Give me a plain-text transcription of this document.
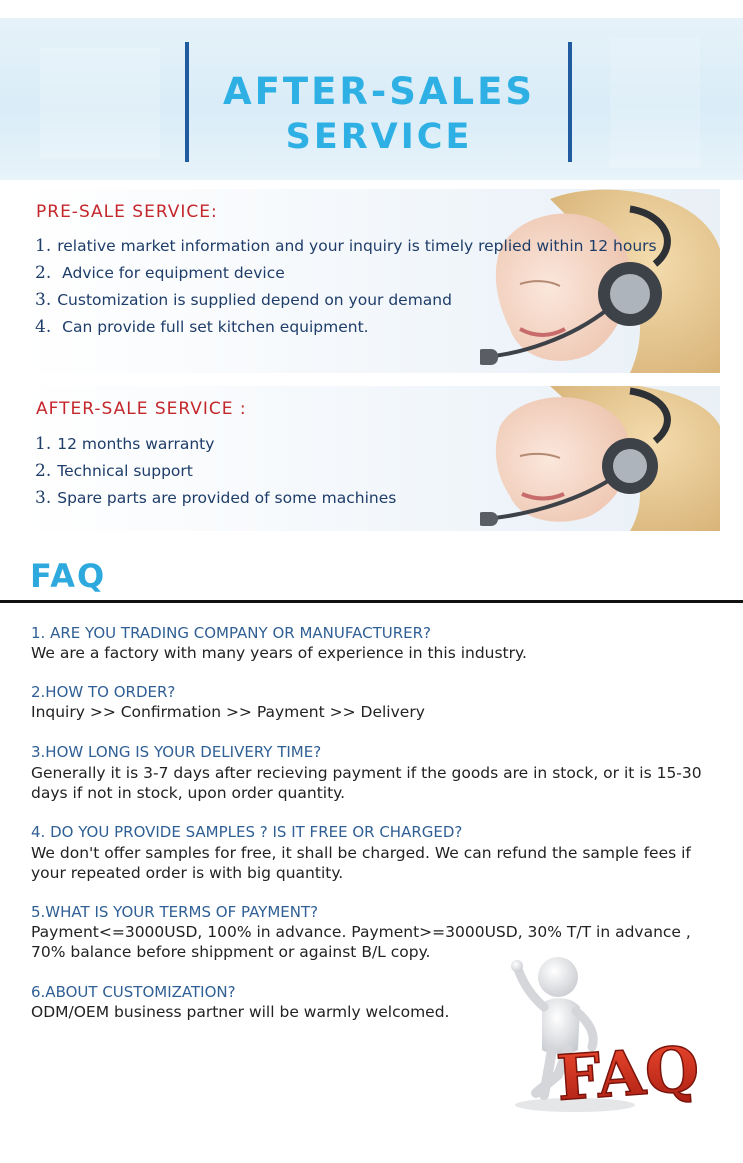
AFTER-SALES
SERVICE
PRE-SALE SERVICE:
1. relative market information and your inquiry is timely replied within 12 hours
2. Advice for equipment device
3. Customization is supplied depend on your demand
4. Can provide full set kitchen equipment.
AFTER-SALE SERVICE :
1. 12 months warranty
2. Technical support
3. Spare parts are provided of some machines
FAQ
1. ARE YOU TRADING COMPANY OR MANUFACTURER?
We are a factory with many years of experience in this industry.
2.HOW TO ORDER?
Inquiry >> Confirmation >> Payment >> Delivery
3.HOW LONG IS YOUR DELIVERY TIME?
Generally it is 3-7 days after recieving payment if the goods are in stock, or it is 15-30 days if not in stock, upon order quantity.
4. DO YOU PROVIDE SAMPLES ? IS IT FREE OR CHARGED?
We don't offer samples for free, it shall be charged. We can refund the sample fees if your repeated order is with big quantity.
5.WHAT IS YOUR TERMS OF PAYMENT?
Payment<=3000USD, 100% in advance. Payment>=3000USD, 30% T/T in advance , 70% balance before shippment or against B/L copy.
6.ABOUT CUSTOMIZATION?
ODM/OEM business partner will be warmly welcomed.
FAQ
